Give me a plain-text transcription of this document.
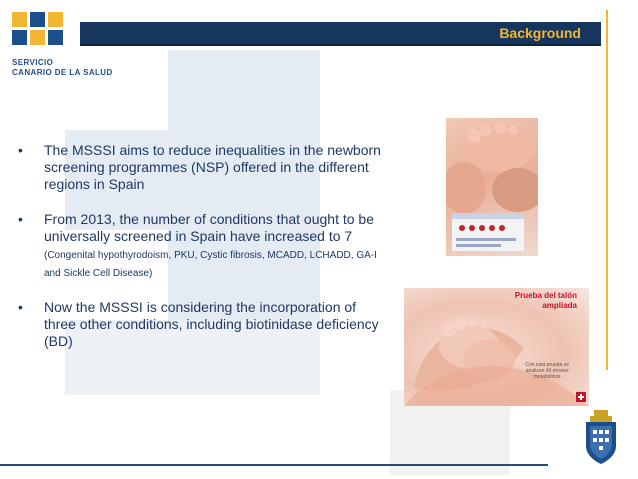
SERVICIO
CANARIO DE LA SALUD
Background
•	The MSSSI aims to reduce inequalities in the newborn screening programmes (NSP) offered in the different regions in Spain
•	From 2013, the number of conditions that ought to be universally screened in Spain have increased to 7 (Congenital hypothyrodoism, PKU, Cystic fibrosis, MCADD, LCHADD, GA-I and Sickle Cell Disease)
•	Now the MSSSI is considering the incorporation of three other conditions, including biotinidase deficiency (BD)
Prueba del talón
ampliada
Con esta prueba se
analizan 43 errores
metabólicos
